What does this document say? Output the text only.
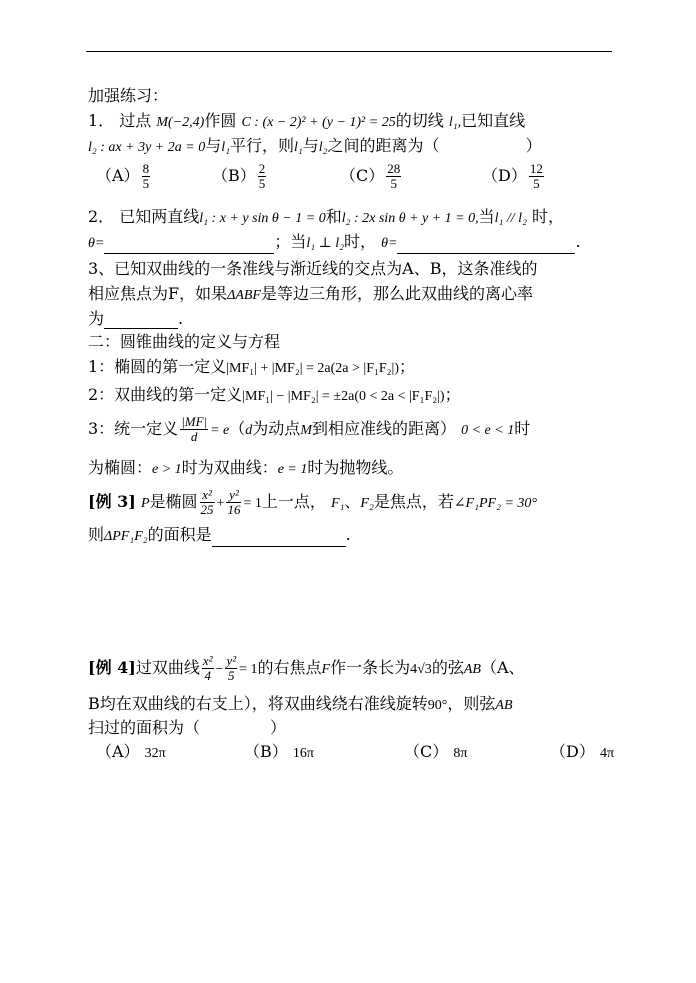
加强练习：
1． 过点 M(−2,4)作圆 C : (x − 2)² + (y − 1)² = 25的切线 l₁,已知直线
l₂ : ax + 3y + 2a = 0与l₁平行，则l₁与l₂之间的距离为（	）
$(A) \frac{8}{5}$	$(B) \frac{2}{5}$	$(C) \frac{28}{5}$	$(D) \frac{12}{5}$
2． 已知两直线l₁ : x + y sin θ − 1 = 0和l₂ : 2x sin θ + y + 1 = 0,当l₁ // l₂ 时，
θ=	；当l₁ ⊥ l₂时， θ=	.
3、已知双曲线的一条准线与渐近线的交点为A、B，这条准线的
相应焦点为F，如果ΔABF是等边三角形，那么此双曲线的离心率
为	.
二：圆锥曲线的定义与方程
1：椭圆的第一定义|MF₁| + |MF₂| = 2a(2a > |F₁F₂|)；
2：双曲线的第一定义|MF₁| − |MF₂| = ±2a(0 < 2a < |F₁F₂|)；
3：统一定义 $\frac{|MF|}{d} = e(d$为动点M到相应准线的距离） 0 < e < 1时
为椭圆：e > 1时为双曲线：e = 1时为抛物线。
[例 3] P是椭圆 $\frac{\text{x²}}{25} + \frac{\text{y²}}{16} = 1$上一点， F₁、F₂是焦点，若∠F₁PF₂ = 30°
则ΔPF₁F₂的面积是	.
[例 4]过双曲线 $\frac{\text{x²}}{4} - \frac{\text{y²}}{5} = 1$的右焦点F作一条长为4√3的弦AB（A、
B均在双曲线的右支上），将双曲线绕右准线旋转90°，则弦AB
扫过的面积为（	）
（A） 32π	（B） 16π	（C） 8π	（D） 4π
